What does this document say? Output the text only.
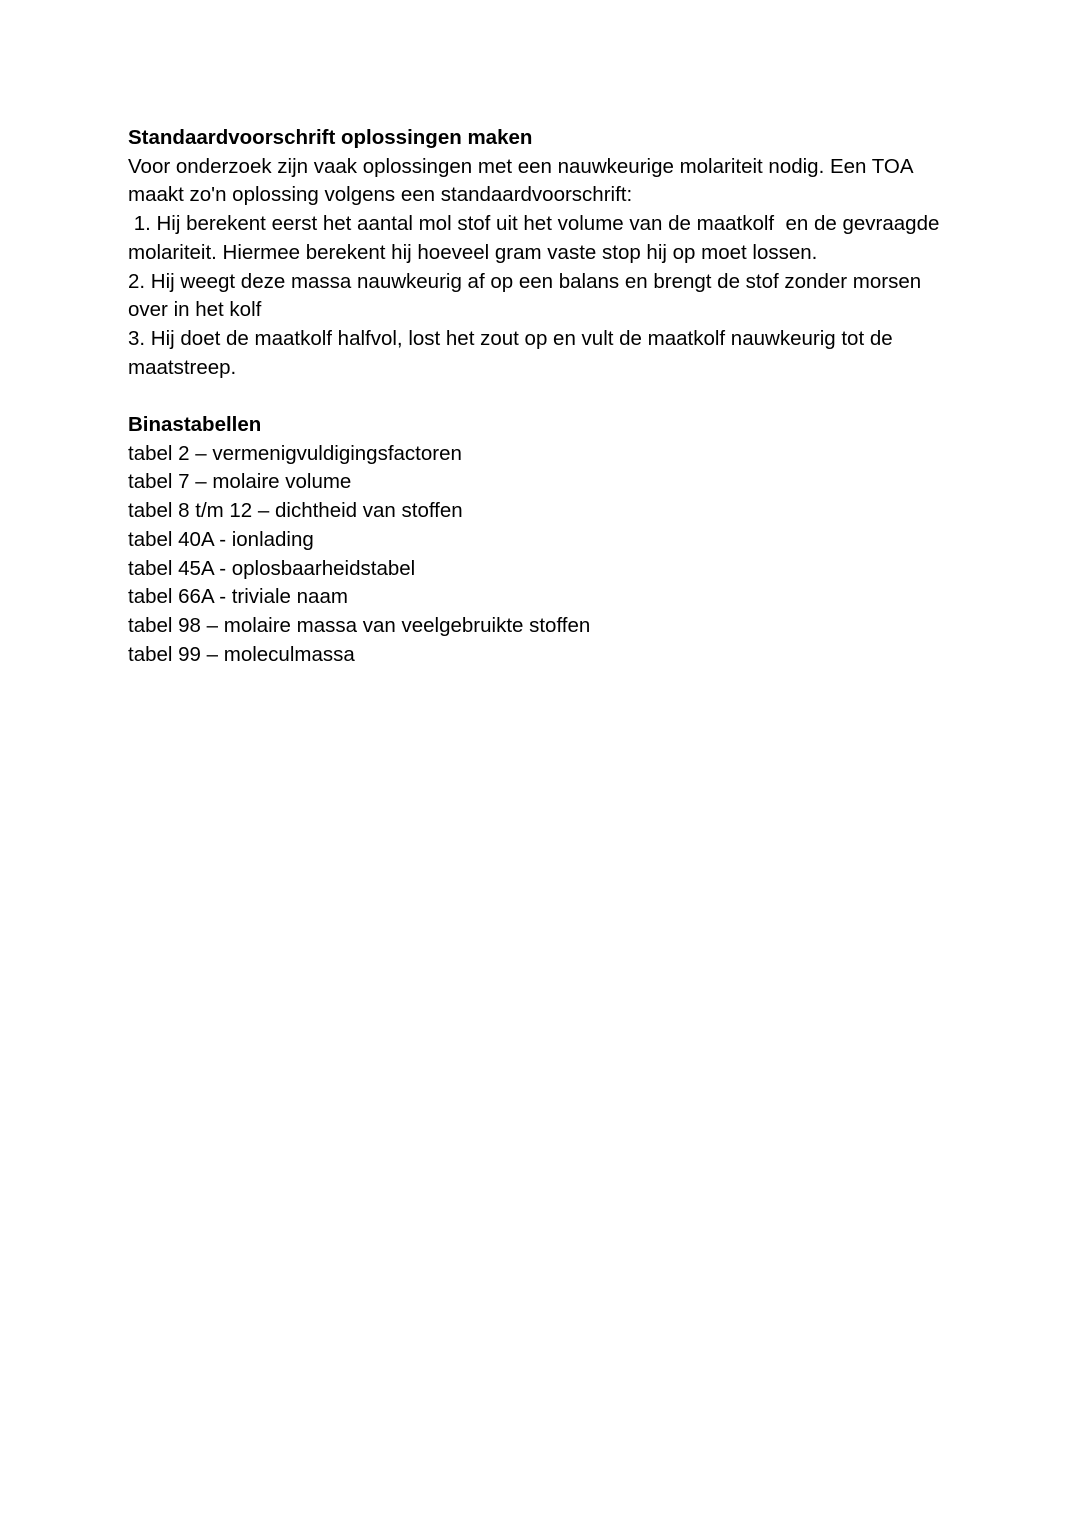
Standaardvoorschrift oplossingen maken

Voor onderzoek zijn vaak oplossingen met een nauwkeurige molariteit nodig. Een TOA maakt zo'n oplossing volgens een standaardvoorschrift:

1. Hij berekent eerst het aantal mol stof uit het volume van de maatkolf  en de gevraagde molariteit. Hiermee berekent hij hoeveel gram vaste stop hij op moet lossen.

2. Hij weegt deze massa nauwkeurig af op een balans en brengt de stof zonder morsen over in het kolf

3. Hij doet de maatkolf halfvol, lost het zout op en vult de maatkolf nauwkeurig tot de maatstreep.

Binastabellen

tabel 2 – vermenigvuldigingsfactoren

tabel 7 – molaire volume

tabel 8 t/m 12 – dichtheid van stoffen

tabel 40A - ionlading

tabel 45A - oplosbaarheidstabel

tabel 66A - triviale naam

tabel 98 – molaire massa van veelgebruikte stoffen

tabel 99 – moleculmassa
